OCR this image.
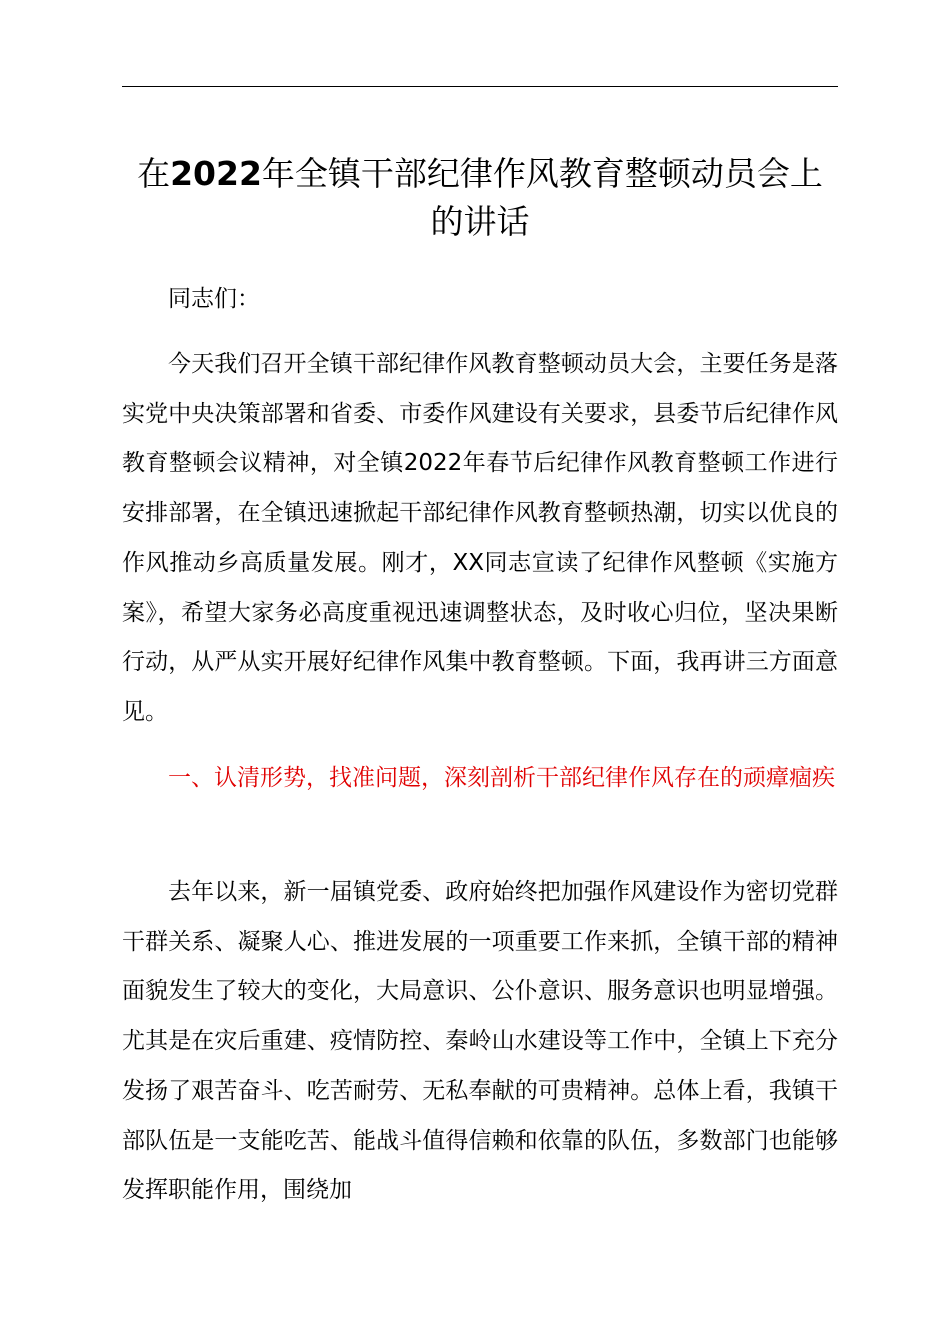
在2022年全镇干部纪律作风教育整顿动员会上的讲话

同志们：

今天我们召开全镇干部纪律作风教育整顿动员大会，主要任务是落实党中央决策部署和省委、市委作风建设有关要求，县委节后纪律作风教育整顿会议精神，对全镇2022年春节后纪律作风教育整顿工作进行安排部署，在全镇迅速掀起干部纪律作风教育整顿热潮，切实以优良的作风推动乡高质量发展。刚才，XX同志宣读了纪律作风整顿《实施方案》，希望大家务必高度重视迅速调整状态，及时收心归位，坚决果断行动，从严从实开展好纪律作风集中教育整顿。下面，我再讲三方面意见。

一、认清形势，找准问题，深刻剖析干部纪律作风存在的顽瘴痼疾

去年以来，新一届镇党委、政府始终把加强作风建设作为密切党群干群关系、凝聚人心、推进发展的一项重要工作来抓，全镇干部的精神面貌发生了较大的变化，大局意识、公仆意识、服务意识也明显增强。尤其是在灾后重建、疫情防控、秦岭山水建设等工作中，全镇上下充分发扬了艰苦奋斗、吃苦耐劳、无私奉献的可贵精神。总体上看，我镇干部队伍是一支能吃苦、能战斗值得信赖和依靠的队伍，多数部门也能够发挥职能作用，围绕加
